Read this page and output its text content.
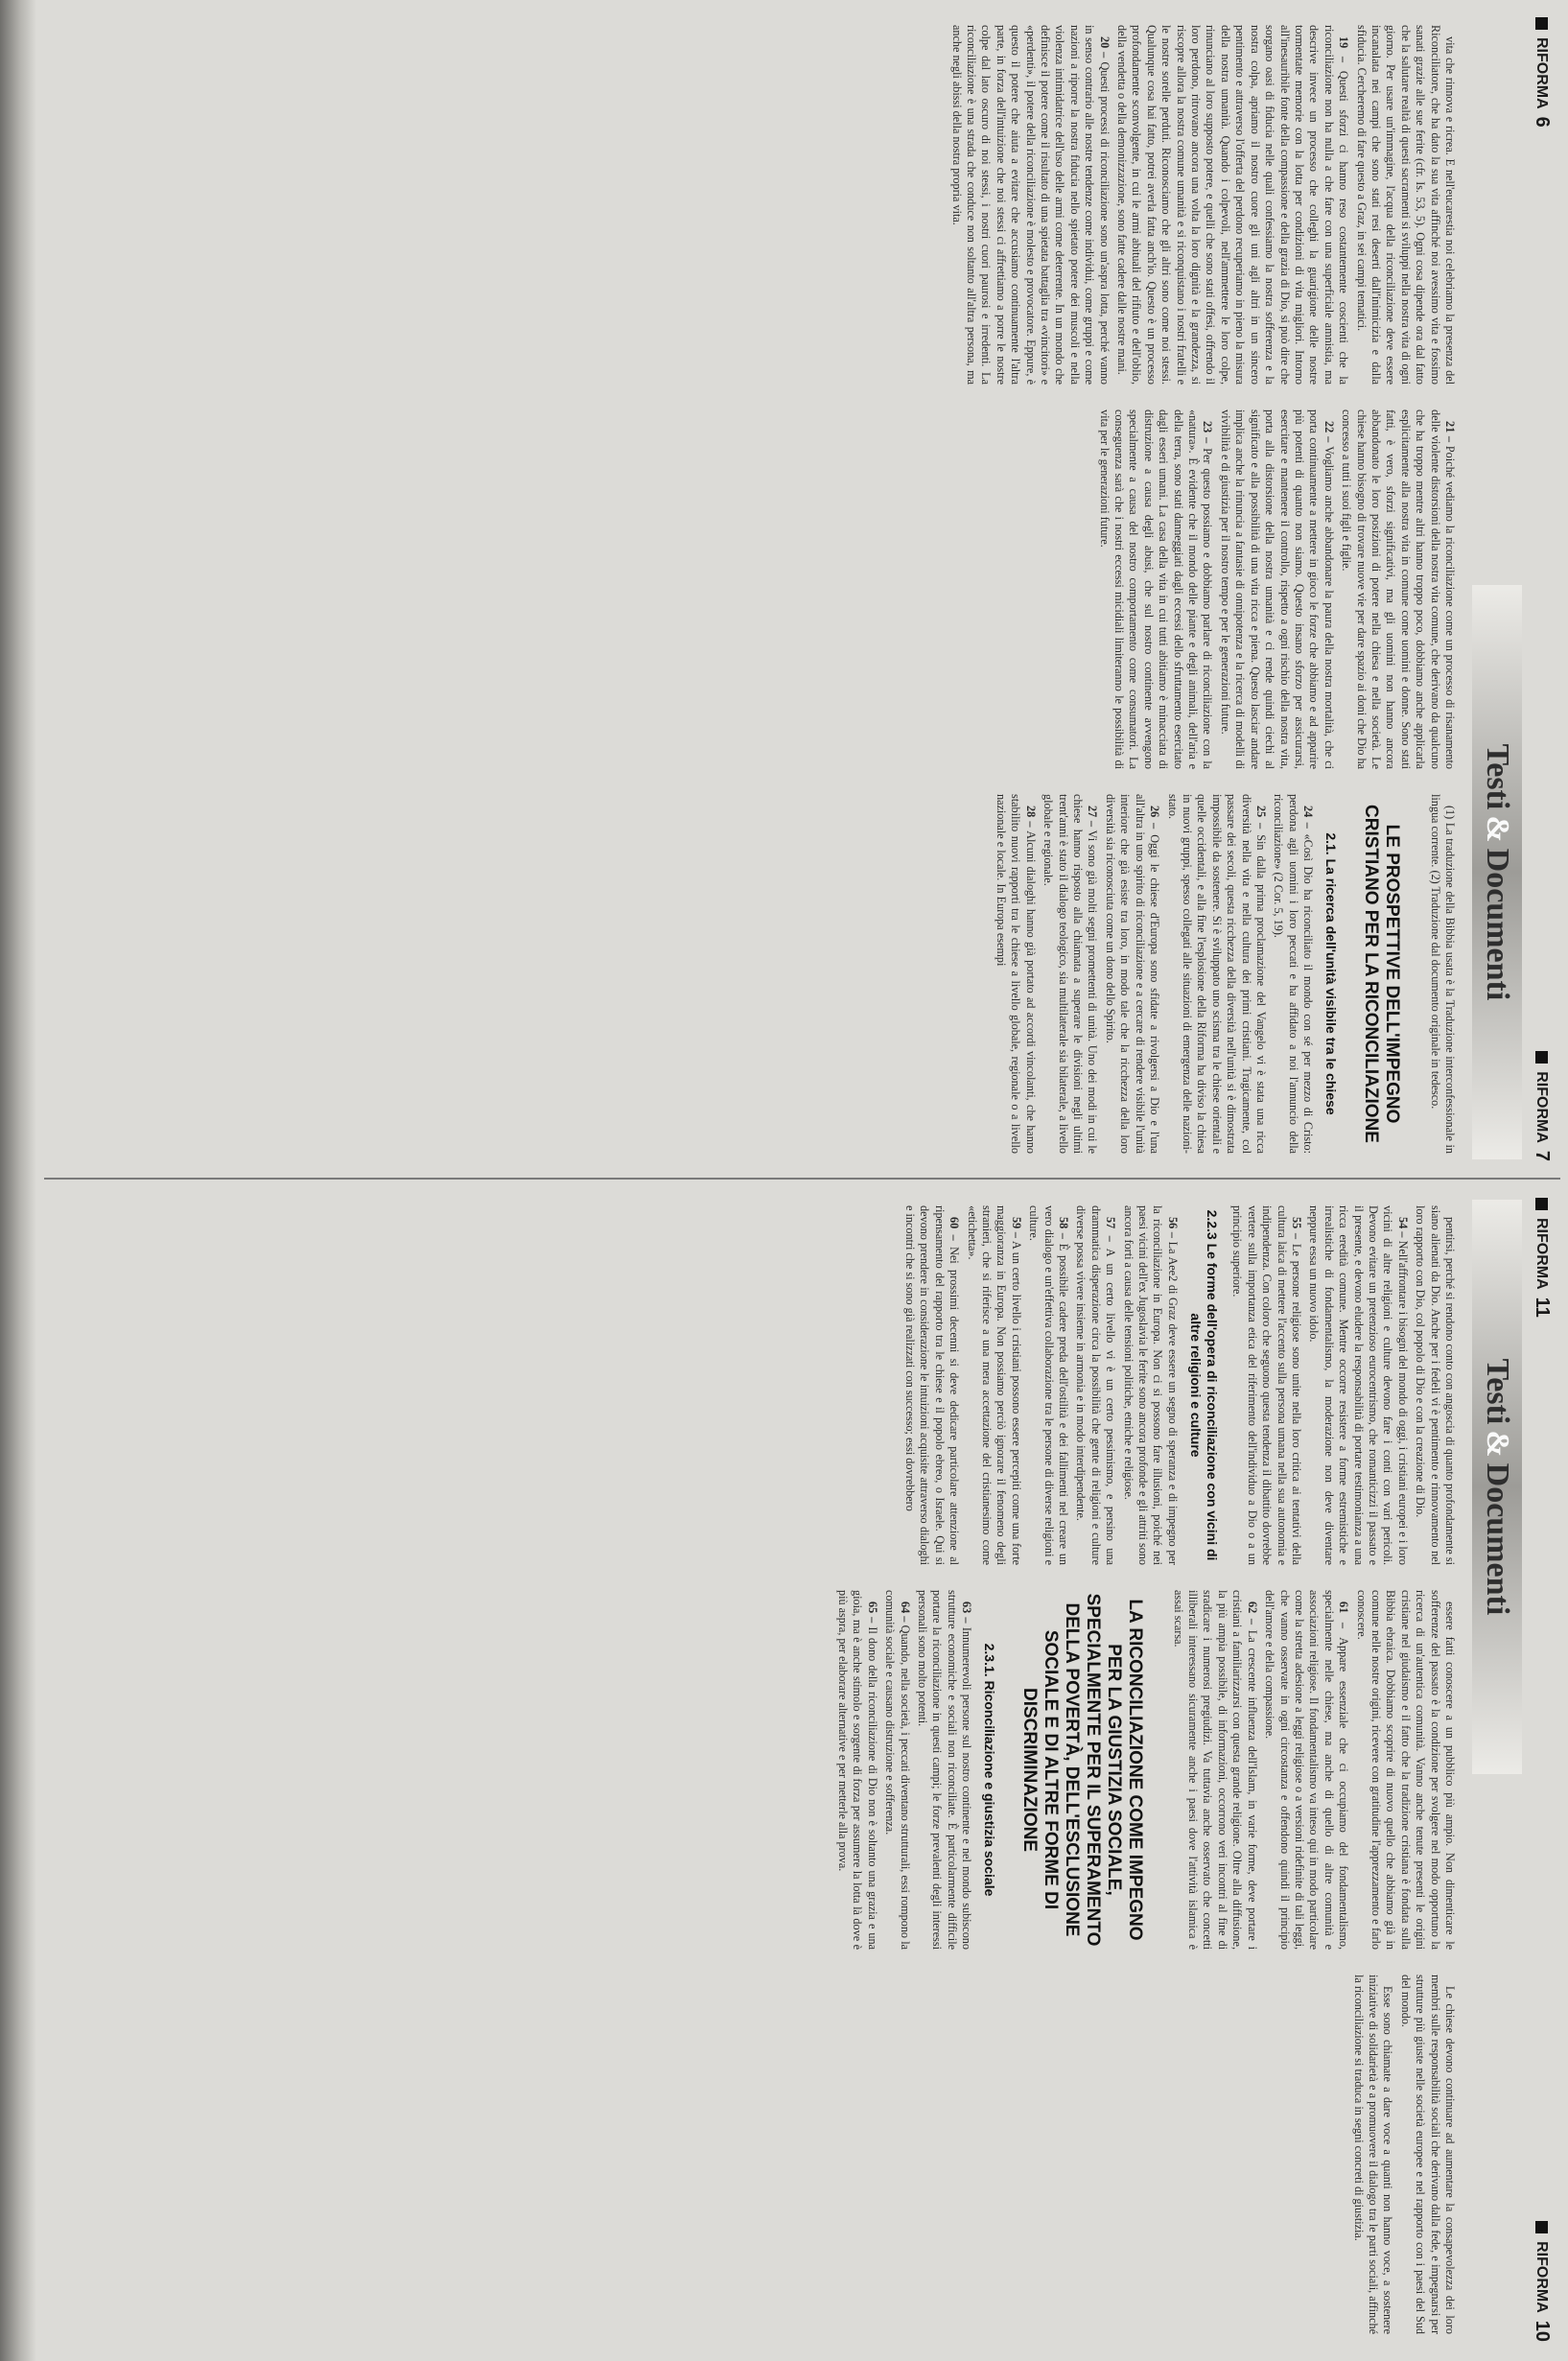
RIFORMA
6
RIFORMA
7
Testi
&
Documenti

vita che rinnova e ricrea. E nell'eucarestia noi celebriamo la presenza del Riconciliatore, che ha dato la sua vita affinché noi avessimo vita e fossimo sanati grazie alle sue ferite (cfr. Is. 53, 5). Ogni cosa dipende ora dal fatto che la salutare realtà di questi sacramenti si sviluppi nella nostra vita di ogni giorno. Per usare un'immagine, l'acqua della riconciliazione deve essere incanalata nei campi che sono stati resi deserti dall'inimicizia e dalla sfiducia. Cercheremo di fare questo a Graz, in sei campi tematici.

19 – Questi sforzi ci hanno reso costantemente coscienti che la riconciliazione non ha nulla a che fare con una superficiale amnistia, ma descrive invece un processo che colleghi la guarigione delle nostre tormentate memorie con la lotta per condizioni di vita migliori. Intorno all'inesauribile fonte della compassione e della grazia di Dio, si può dire che sorgano oasi di fiducia nelle quali confessiamo la nostra sofferenza e la nostra colpa, apriamo il nostro cuore gli uni agli altri in un sincero pentimento e attraverso l'offerta del perdono recuperiamo in pieno la misura della nostra umanità. Quando i colpevoli, nell'ammettere le loro colpe, rinunciano al loro supposto potere, e quelli che sono stati offesi, offrendo il loro perdono, ritrovano ancora una volta la loro dignità e la grandezza, si riscopre allora la nostra comune umanità e si riconquistano i nostri fratelli e le nostre sorelle perduti. Riconosciamo che gli altri sono come noi stessi. Qualunque cosa hai fatto, potrei averla fatta anch'io. Questo è un processo profondamente sconvolgente, in cui le armi abituali del rifiuto e dell'oblio, della vendetta o della demonizzazione, sono fatte cadere dalle nostre mani.

20 – Questi processi di riconciliazione sono un'aspra lotta, perché vanno in senso contrario alle nostre tendenze come individui, come gruppi e come nazioni a riporre la nostra fiducia nello spietato potere dei muscoli e nella violenza intimidatrice dell'uso delle armi come deterrente. In un mondo che definisce il potere come il risultato di una spietata battaglia tra «vincitori» e «perdenti», il potere della riconciliazione è molesto e provocatore. Eppure, è questo il potere che aiuta a evitare che accusiamo continuamente l'altra parte, in forza dell'intuizione che noi stessi ci affrettiamo a porre le nostre colpe dal lato oscuro di noi stessi, i nostri cuori paurosi e irredenti. La riconciliazione è una strada che conduce non soltanto all'altra persona, ma anche negli abissi della nostra propria vita.

21 – Poiché vediamo la riconciliazione come un processo di risanamento delle violente distorsioni della nostra vita comune, che derivano da qualcuno che ha troppo mentre altri hanno troppo poco, dobbiamo anche applicarla esplicitamente alla nostra vita in comune come uomini e donne. Sono stati fatti, è vero, sforzi significativi, ma gli uomini non hanno ancora abbandonato le loro posizioni di potere nella chiesa e nella società. Le chiese hanno bisogno di trovare nuove vie per dare spazio ai doni che Dio ha concesso a tutti i suoi figli e figlie.

22 – Vogliamo anche abbandonare la paura della nostra mortalità, che ci porta continuamente a mettere in gioco le forze che abbiamo e ad apparire più potenti di quanto non siamo. Questo insano sforzo per assicurarsi, esercitare e mantenere il controllo, rispetto a ogni rischio della nostra vita, porta alla distorsione della nostra umanità e ci rende quindi ciechi al significato e alla possibilità di una vita ricca e piena. Questo lasciar andare implica anche la rinuncia a fantasie di onnipotenza e la ricerca di modelli di vivibilità e di giustizia per il nostro tempo e per le generazioni future.

23 – Per questo possiamo e dobbiamo parlare di riconciliazione con la «natura». È evidente che il mondo delle piante e degli animali, dell'aria e della terra, sono stati danneggiati dagli eccessi dello sfruttamento esercitato dagli esseri umani. La casa della vita in cui tutti abitiamo è minacciata di distruzione a causa degli abusi, che sul nostro continente avvengono specialmente a causa del nostro comportamento come consumatori. La conseguenza sarà che i nostri eccessi micidiali limiteranno le possibilità di vita per le generazioni future.

(1) La traduzione della Bibbia usata è la Traduzione interconfessionale in lingua corrente. (2) Traduzione dal documento originale in tedesco.

LE PROSPETTIVE DELL'IMPEGNO CRISTIANO PER LA RICONCILIAZIONE
2.1. La ricerca dell'unità visibile tra le chiese

24 – «Così Dio ha riconciliato il mondo con sé per mezzo di Cristo: perdona agli uomini i loro peccati e ha affidato a noi l'annuncio della riconciliazione» (2 Cor. 5, 19).

25 – Sin dalla prima proclamazione del Vangelo vi è stata una ricca diversità nella vita e nella cultura dei primi cristiani. Tragicamente, col passare dei secoli, questa ricchezza della diversità nell'unità si è dimostrata impossibile da sostenere. Si è sviluppato uno scisma tra le chiese orientali e quelle occidentali, e alla fine l'esplosione della Riforma ha diviso la chiesa in nuovi gruppi, spesso collegati alle situazioni di emergenza delle nazioni-stato.

26 – Oggi le chiese d'Europa sono sfidate a rivolgersi a Dio e l'una all'altra in uno spirito di riconciliazione e a cercare di rendere visibile l'unità interiore che già esiste tra loro, in modo tale che la ricchezza della loro diversità sia riconosciuta come un dono dello Spirito.

27 – Vi sono già molti segni promettenti di unità. Uno dei modi in cui le chiese hanno risposto alla chiamata a superare le divisioni negli ultimi trent'anni è stato il dialogo teologico, sia multilaterale sia bilaterale, a livello globale e regionale.

28 – Alcuni dialoghi hanno già portato ad accordi vincolanti, che hanno stabilito nuovi rapporti tra le chiese a livello globale, regionale o a livello nazionale e locale. In Europa esempi

RIFORMA
11
RIFORMA
10
Testi
&
Documenti

pentirsi, perché si rendono conto con angoscia di quanto profondamente si siano alienati da Dio. Anche per i fedeli vi è pentimento e rinnovamento nel loro rapporto con Dio, col popolo di Dio e con la creazione di Dio.

54 – Nell'affrontare i bisogni del mondo di oggi, i cristiani europei e i loro vicini di altre religioni e culture devono fare i conti con vari pericoli. Devono evitare un pretenzioso eurocentrismo, che romanticizzi il passato e il presente, e devono eludere la responsabilità di portare testimonianza a una ricca eredità comune. Mentre occorre resistere a forme estremistiche e irrealistiche di fondamentalismo, la moderazione non deve diventare neppure essa un nuovo idolo.

55 – Le persone religiose sono unite nella loro critica ai tentativi della cultura laica di mettere l'accento sulla persona umana nella sua autonomia e indipendenza. Con coloro che seguono questa tendenza il dibattito dovrebbe vertere sulla importanza etica del riferimento dell'individuo a Dio o a un principio superiore.

2.2.3 Le forme dell'opera di riconciliazione con vicini di altre religioni e culture

56 – La Aee2 di Graz deve essere un segno di speranza e di impegno per la riconciliazione in Europa. Non ci si possono fare illusioni, poiché nei paesi vicini dell'ex Jugoslavia le ferite sono ancora profonde e gli attriti sono ancora forti a causa delle tensioni politiche, etniche e religiose.

57 – A un certo livello vi è un certo pessimismo, e persino una drammatica disperazione circa la possibilità che gente di religioni e culture diverse possa vivere insieme in armonia e in modo interdipendente.

58 – È possibile cadere preda dell'ostilità e dei fallimenti nel creare un vero dialogo e un'effettiva collaborazione tra le persone di diverse religioni e culture.

59 – A un certo livello i cristiani possono essere percepiti come una forte maggioranza in Europa. Non possiamo perciò ignorare il fenomeno degli stranieri, che si riferisce a una mera accettazione del cristianesimo come «etichetta».

60 – Nei prossimi decenni si deve dedicare particolare attenzione al ripensamento del rapporto tra le chiese e il popolo ebreo, o Israele. Qui si devono prendere in considerazione le intuizioni acquisite attraverso dialoghi e incontri che si sono già realizzati con successo; essi dovrebbero

essere fatti conoscere a un pubblico più ampio. Non dimenticare le sofferenze del passato è la condizione per svolgere nel modo opportuno la ricerca di un'autentica comunità. Vanno anche tenute presenti le origini cristiane nel giudaismo e il fatto che la tradizione cristiana è fondata sulla Bibbia ebraica. Dobbiamo scoprire di nuovo quello che abbiamo già in comune nelle nostre origini, ricevere con gratitudine l'apprezzamento e farlo conoscere.

61 – Appare essenziale che ci occupiamo del fondamentalismo, specialmente nelle chiese, ma anche di quello di altre comunità e associazioni religiose. Il fondamentalismo va inteso qui in modo particolare come la stretta adesione a leggi religiose o a versioni ridefinite di tali leggi, che vanno osservate in ogni circostanza e offendono quindi il principio dell'amore e della compassione.

62 – La crescente influenza dell'Islam, in varie forme, deve portare i cristiani a familiarizzarsi con questa grande religione. Oltre alla diffusione, la più ampia possibile, di informazioni, occorrono veri incontri al fine di sradicare i numerosi pregiudizi. Va tuttavia anche osservato che concetti illiberali interessano sicuramente anche i paesi dove l'attività islamica è assai scarsa.

LA RICONCILIAZIONE COME IMPEGNO PER LA GIUSTIZIA SOCIALE, SPECIALMENTE PER IL SUPERAMENTO DELLA POVERTÀ, DELL'ESCLUSIONE SOCIALE E DI ALTRE FORME DI DISCRIMINAZIONE
2.3.1. Riconciliazione e giustizia sociale

63 – Innumerevoli persone sul nostro continente e nel mondo subiscono strutture economiche e sociali non riconciliate. È particolarmente difficile portare la riconciliazione in questi campi; le forze prevalenti degli interessi personali sono molto potenti.

64 – Quando, nella società, i peccati diventano strutturali, essi rompono la comunità sociale e causano distruzione e sofferenza.

65 – Il dono della riconciliazione di Dio non è soltanto una grazia e una gioia, ma è anche stimolo e sorgente di forza per assumere la lotta là dove è più aspra, per elaborare alternative e per metterle alla prova.

Le chiese devono continuare ad aumentare la consapevolezza dei loro membri sulle responsabilità sociali che derivano dalla fede, e impegnarsi per strutture più giuste nelle società europee e nel rapporto con i paesi del Sud del mondo.

Esse sono chiamate a dare voce a quanti non hanno voce, a sostenere iniziative di solidarietà e a promuovere il dialogo tra le parti sociali, affinché la riconciliazione si traduca in segni concreti di giustizia.
